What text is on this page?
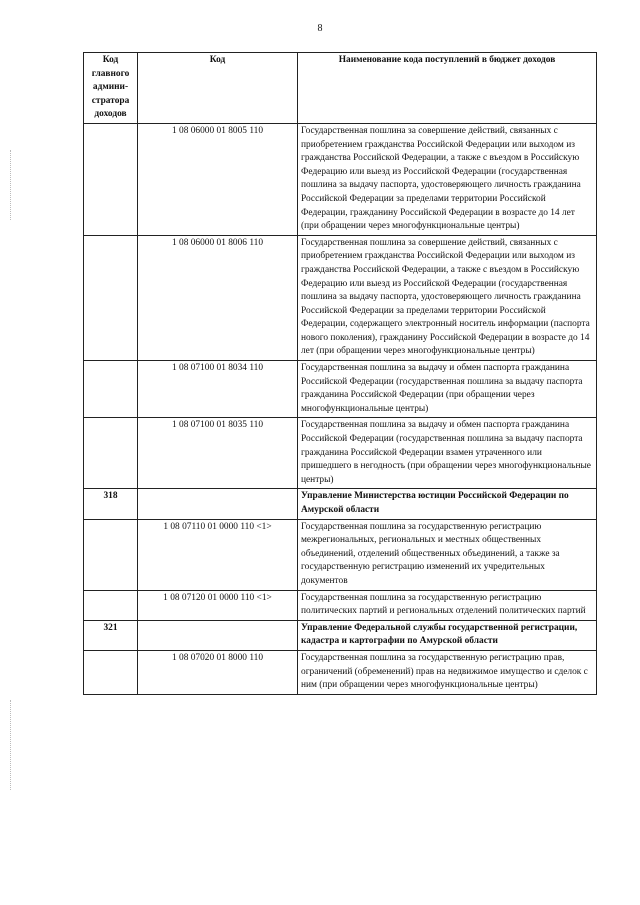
8
Код главного админи-стратора доходов	Код	Наименование кода поступлений в бюджет доходов
	1 08 06000 01 8005 110	Государственная пошлина за совершение действий, связанных с приобретением гражданства Российской Федерации или выходом из гражданства Российской Федерации, а также с въездом в Российскую Федерацию или выезд из Российской Федерации (государственная пошлина за выдачу паспорта, удостоверяющего личность гражданина Российской Федерации за пределами территории Российской Федерации, гражданину Российской Федерации в возрасте до 14 лет (при обращении через многофункциональные центры)
	1 08 06000 01 8006 110	Государственная пошлина за совершение действий, связанных с приобретением гражданства Российской Федерации или выходом из гражданства Российской Федерации, а также с въездом в Российскую Федерацию или выезд из Российской Федерации (государственная пошлина за выдачу паспорта, удостоверяющего личность гражданина Российской Федерации за пределами территории Российской Федерации, содержащего электронный носитель информации (паспорта нового поколения), гражданину Российской Федерации в возрасте до 14 лет (при обращении через многофункциональные центры)
	1 08 07100 01 8034 110	Государственная пошлина за выдачу и обмен паспорта гражданина Российской Федерации (государственная пошлина за выдачу паспорта гражданина Российской Федерации (при обращении через многофункциональные центры)
	1 08 07100 01 8035 110	Государственная пошлина за выдачу и обмен паспорта гражданина Российской Федерации (государственная пошлина за выдачу паспорта гражданина Российской Федерации взамен утраченного или пришедшего в негодность (при обращении через многофункциональные центры)
318		Управление Министерства юстиции Российской Федерации по Амурской области
	1 08 07110 01 0000 110 <1>	Государственная пошлина за государственную регистрацию межрегиональных, региональных и местных общественных объединений, отделений общественных объединений, а также за государственную регистрацию изменений их учредительных документов
	1 08 07120 01 0000 110 <1>	Государственная пошлина за государственную регистрацию политических партий и региональных отделений политических партий
321		Управление Федеральной службы государственной регистрации, кадастра и картографии по Амурской области
	1 08 07020 01 8000 110	Государственная пошлина за государственную регистрацию прав, ограничений (обременений) прав на недвижимое имущество и сделок с ним (при обращении через многофункциональные центры)
